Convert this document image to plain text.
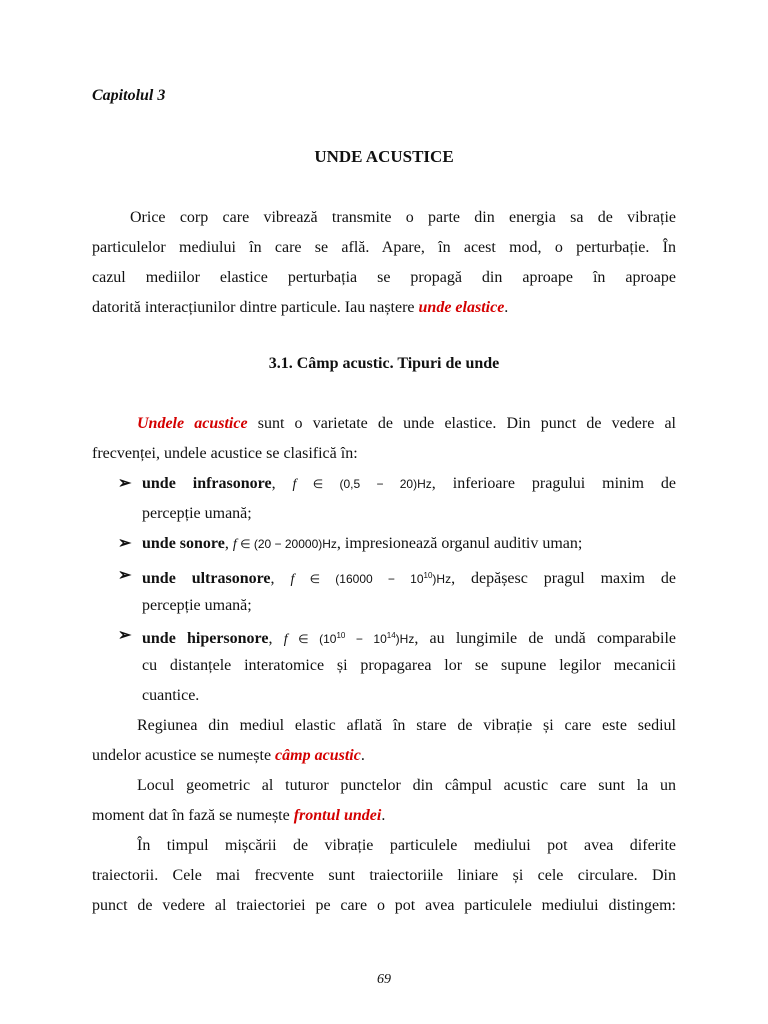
Capitolul 3
UNDE ACUSTICE
Orice corp care vibrează transmite o parte din energia sa de vibrație
particulelor mediului în care se află. Apare, în acest mod, o perturbație. În
cazul mediilor elastice perturbația se propagă din aproape în aproape
datorită interacțiunilor dintre particule. Iau naștere unde elastice.
3.1. Câmp acustic. Tipuri de unde
Undele acustice sunt o varietate de unde elastice. Din punct de vedere al
frecvenței, undele acustice se clasifică în:
➢ unde infrasonore, f ∈ (0,5 − 20)Hz, inferioare pragului minim de
percepție umană;
➢ unde sonore, f ∈ (20 − 20000)Hz, impresionează organul auditiv uman;
➢ unde ultrasonore, f ∈ $(16000 - 10^{10})Hz$, depășesc pragul maxim de
percepție umană;
➢ unde hipersonore, f ∈ $(10^{10} - 10^{14})Hz$, au lungimile de undă comparabile
cu distanțele interatomice și propagarea lor se supune legilor mecanicii
cuantice.
Regiunea din mediul elastic aflată în stare de vibrație și care este sediul
undelor acustice se numește câmp acustic.
Locul geometric al tuturor punctelor din câmpul acustic care sunt la un
moment dat în fază se numește frontul undei.
În timpul mișcării de vibrație particulele mediului pot avea diferite
traiectorii. Cele mai frecvente sunt traiectoriile liniare și cele circulare. Din
punct de vedere al traiectoriei pe care o pot avea particulele mediului distingem:
69
